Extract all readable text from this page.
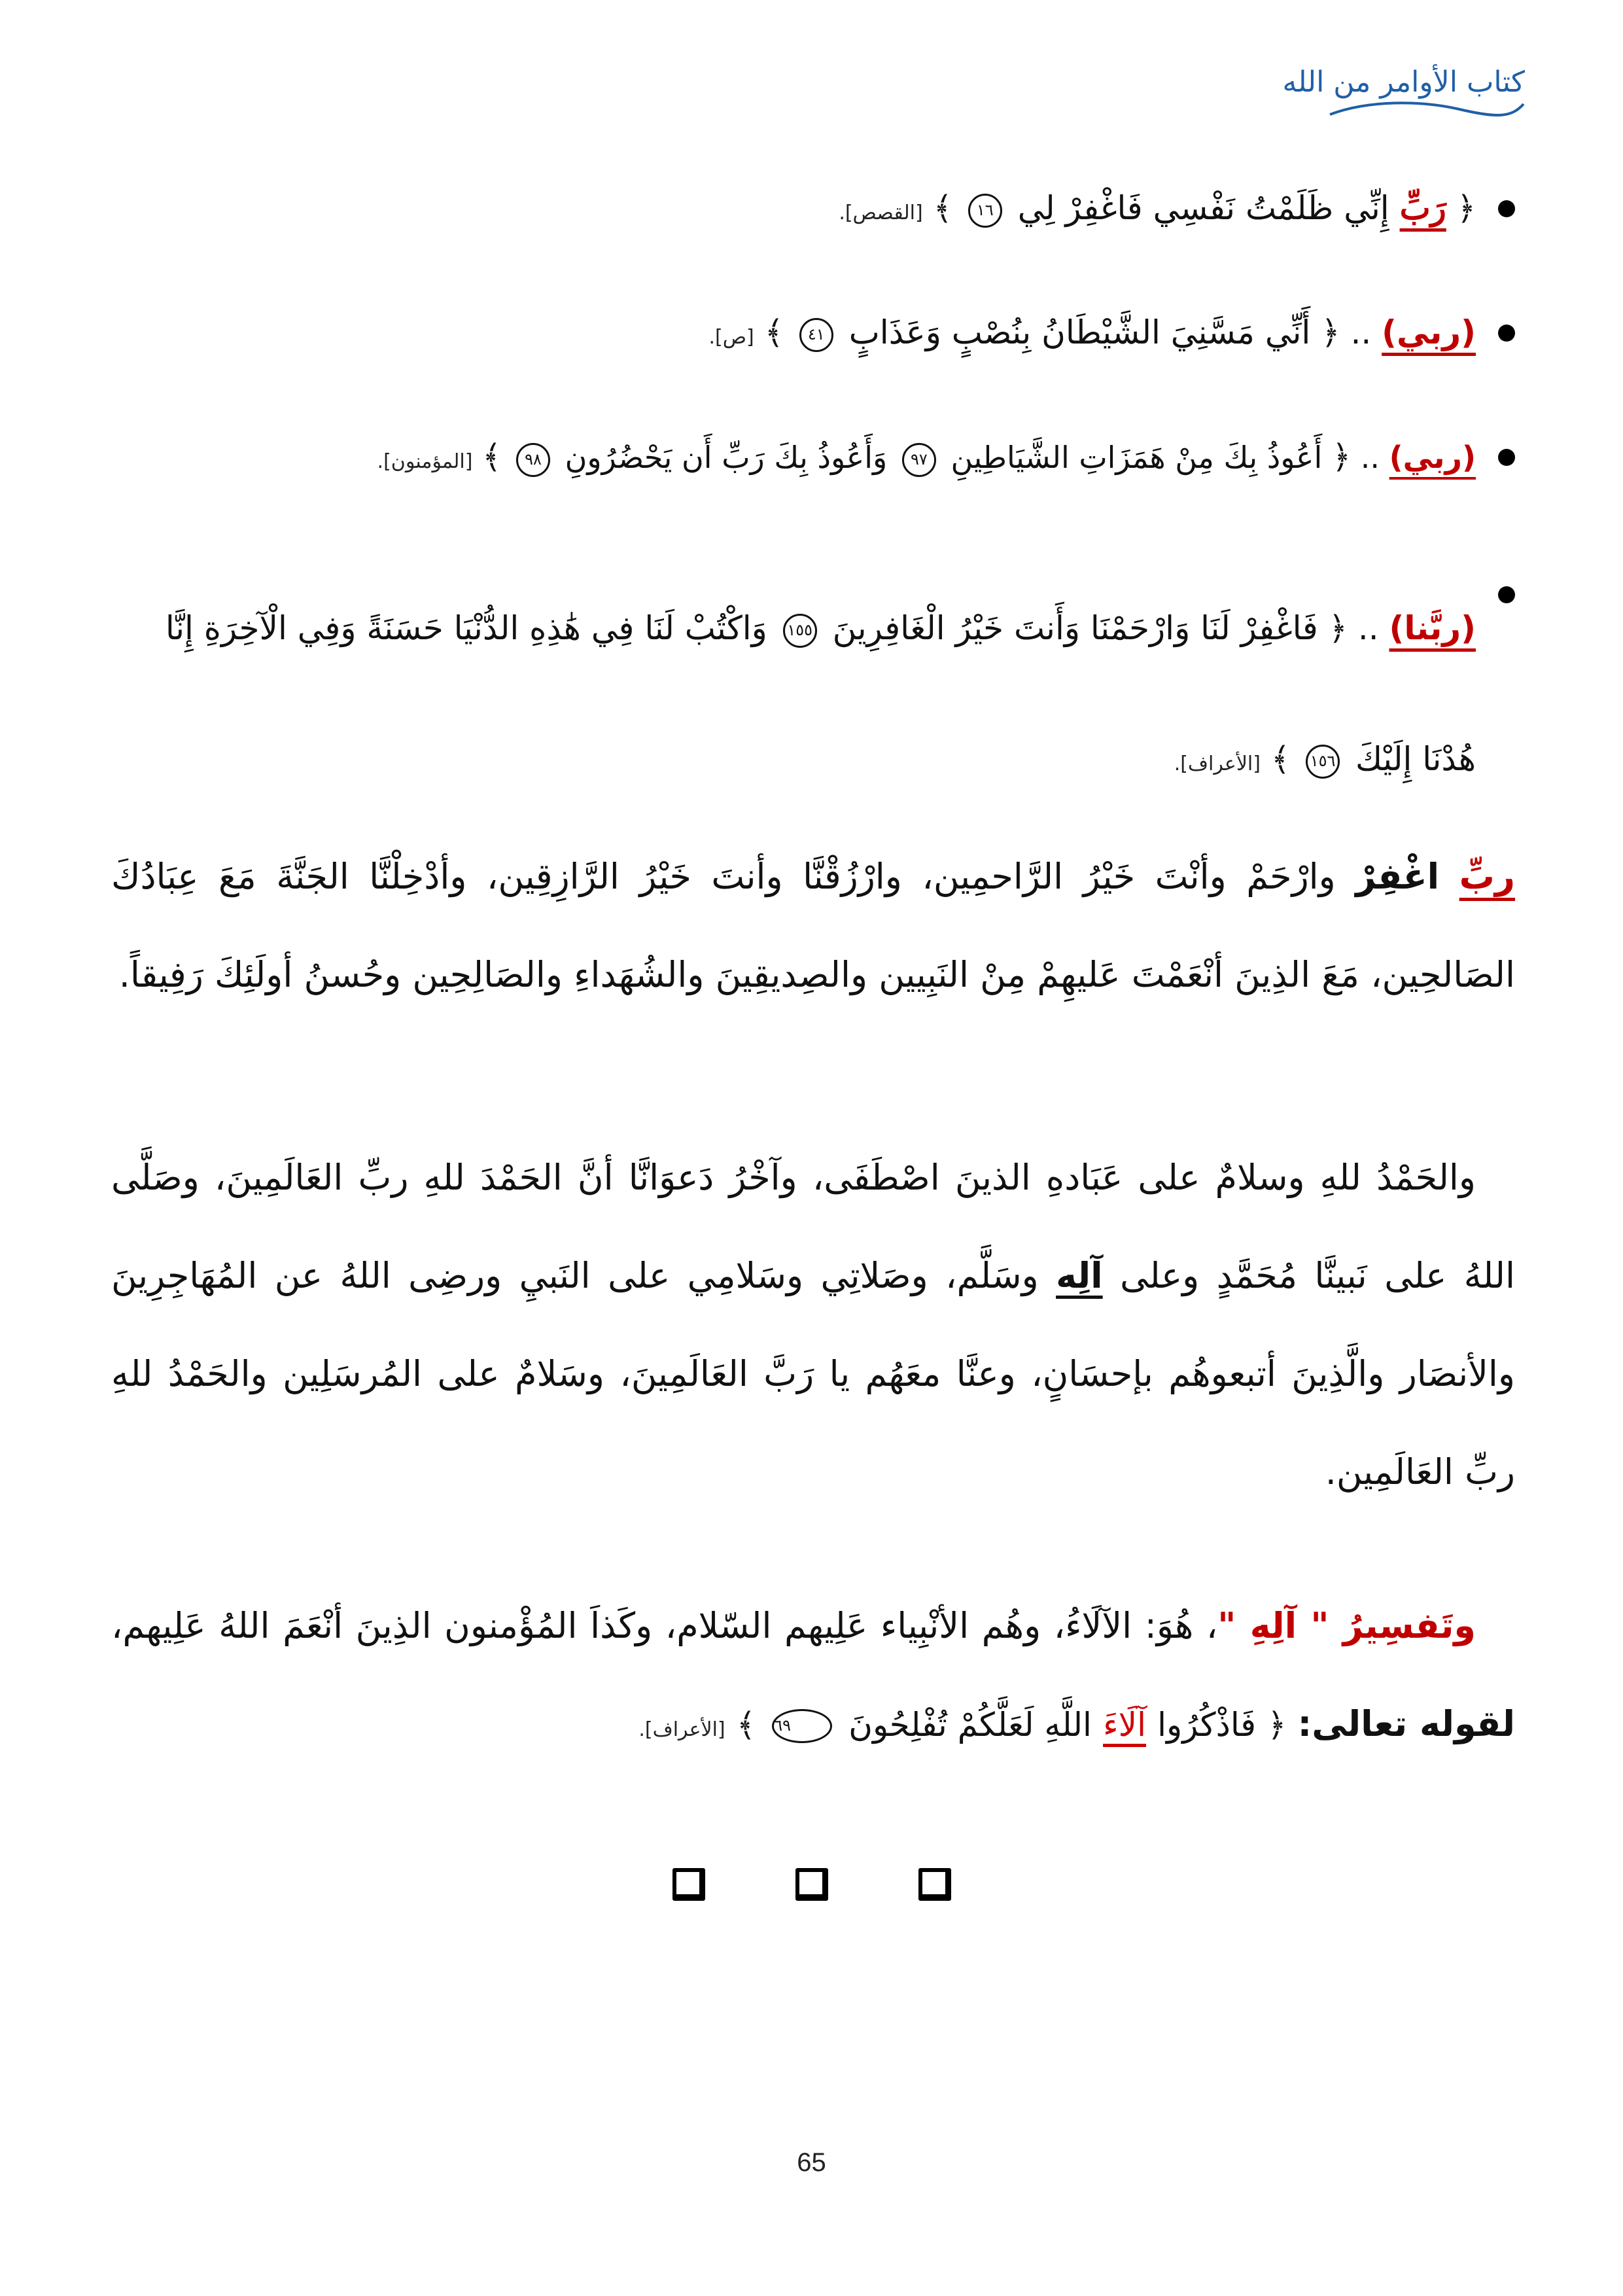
كتاب الأوامر من الله
﴿ رَبِّ إِنِّي ظَلَمْتُ نَفْسِي فَاغْفِرْ لِي ١٦ ﴾ [القصص].
(ربي) .. ﴿ أَنِّي مَسَّنِيَ الشَّيْطَانُ بِنُصْبٍ وَعَذَابٍ ٤١ ﴾ [ص].
(ربي) .. ﴿ أَعُوذُ بِكَ مِنْ هَمَزَاتِ الشَّيَاطِينِ ٩٧ وَأَعُوذُ بِكَ رَبِّ أَن يَحْضُرُونِ ٩٨ ﴾ [المؤمنون].
(ربَّنا) .. ﴿ فَاغْفِرْ لَنَا وَارْحَمْنَا وَأَنتَ خَيْرُ الْغَافِرِينَ ١٥٥ وَاكْتُبْ لَنَا فِي هَٰذِهِ الدُّنْيَا حَسَنَةً وَفِي الْآخِرَةِ إِنَّا هُدْنَا إِلَيْكَ ١٥٦ ﴾ [الأعراف].
ربِّ اغْفِرْ وارْحَمْ وأنْتَ خَيْرُ الرَّاحمِين، وارْزُقْنَّا وأنتَ خَيْرُ الرَّازِقِين، وأدْخِلْنَّا الجَنَّةَ مَعَ عِبَادُكَ الصَالحِين، مَعَ الذِينَ أنْعَمْتَ عَليهِمْ مِنْ النَبِيين والصِديقِينَ والشُهَداءِ والصَالِحِين وحُسنُ أولَئِكَ رَفِيقاً.
والحَمْدُ للهِ وسلامٌ على عَبَادهِ الذينَ اصْطَفَى، وآخْرُ دَعوَانَّا أنَّ الحَمْدَ للهِ ربِّ العَالَمِينَ، وصَلَّى اللهُ على نَبينَّا مُحَمَّدٍ وعلى آلِه وسَلَّم، وصَلاتِي وسَلامِي على النَبيِ ورضِى اللهُ عن المُهَاجِرِينَ والأنصَار والَّذِينَ أتبعوهُم بإحسَانٍ، وعنَّا معَهُم يا رَبَّ العَالَمِينَ، وسَلامٌ على المُرسَلِين والحَمْدُ للهِ ربِّ العَالَمِين.
وتَفسِيرُ " آلِهِ "، هُوَ: الآلَاءُ، وهُم الأنْبِياء عَلِيهم السّلام، وكَذاَ المُؤْمنون الذِينَ أنْعَمَ اللهُ عَلِيهم، لقوله تعالى: ﴿ فَاذْكُرُوا آلَاءَ اللَّهِ لَعَلَّكُمْ تُفْلِحُونَ ٦٩ ﴾ [الأعراف].
65
